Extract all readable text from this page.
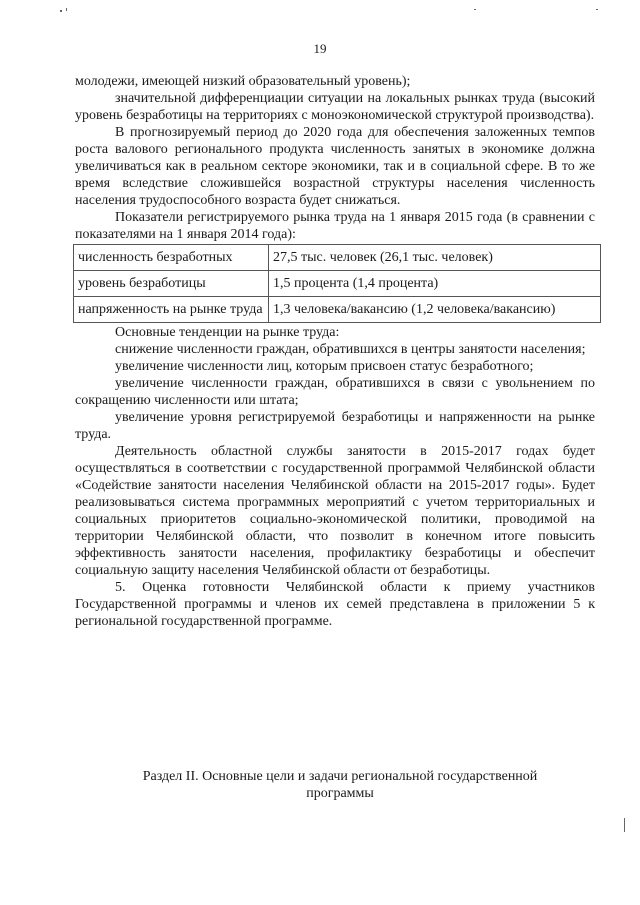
19

молодежи, имеющей низкий образовательный уровень);

значительной дифференциации ситуации на локальных рынках труда (высокий уровень безработицы на территориях с моноэкономической структурой производства).

В прогнозируемый период до 2020 года для обеспечения заложенных темпов роста валового регионального продукта численность занятых в экономике должна увеличиваться как в реальном секторе экономики, так и в социальной сфере. В то же время вследствие сложившейся возрастной структуры населения численность населения трудоспособного возраста будет снижаться.

Показатели регистрируемого рынка труда на 1 января 2015 года (в сравнении с показателями на 1 января 2014 года):

численность безработных	27,5 тыс. человек (26,1 тыс. человек)
уровень безработицы	1,5 процента (1,4 процента)
напряженность на рынке труда	1,3 человека/вакансию (1,2 человека/вакансию)

Основные тенденции на рынке труда:

снижение численности граждан, обратившихся в центры занятости населения;

увеличение численности лиц, которым присвоен статус безработного;

увеличение численности граждан, обратившихся в связи с увольнением по сокращению численности или штата;

увеличение уровня регистрируемой безработицы и напряженности на рынке труда.

Деятельность областной службы занятости в 2015-2017 годах будет осуществляться в соответствии с государственной программой Челябинской области «Содействие занятости населения Челябинской области на 2015-2017 годы». Будет реализовываться система программных мероприятий с учетом территориальных и социальных приоритетов социально-экономической политики, проводимой на территории Челябинской области, что позволит в конечном итоге повысить эффективность занятости населения, профилактику безработицы и обеспечит социальную защиту населения Челябинской области от безработицы.

5. Оценка готовности Челябинской области к приему участников Государственной программы и членов их семей представлена в приложении 5 к региональной государственной программе.

Раздел II. Основные цели и задачи региональной государственной программы
